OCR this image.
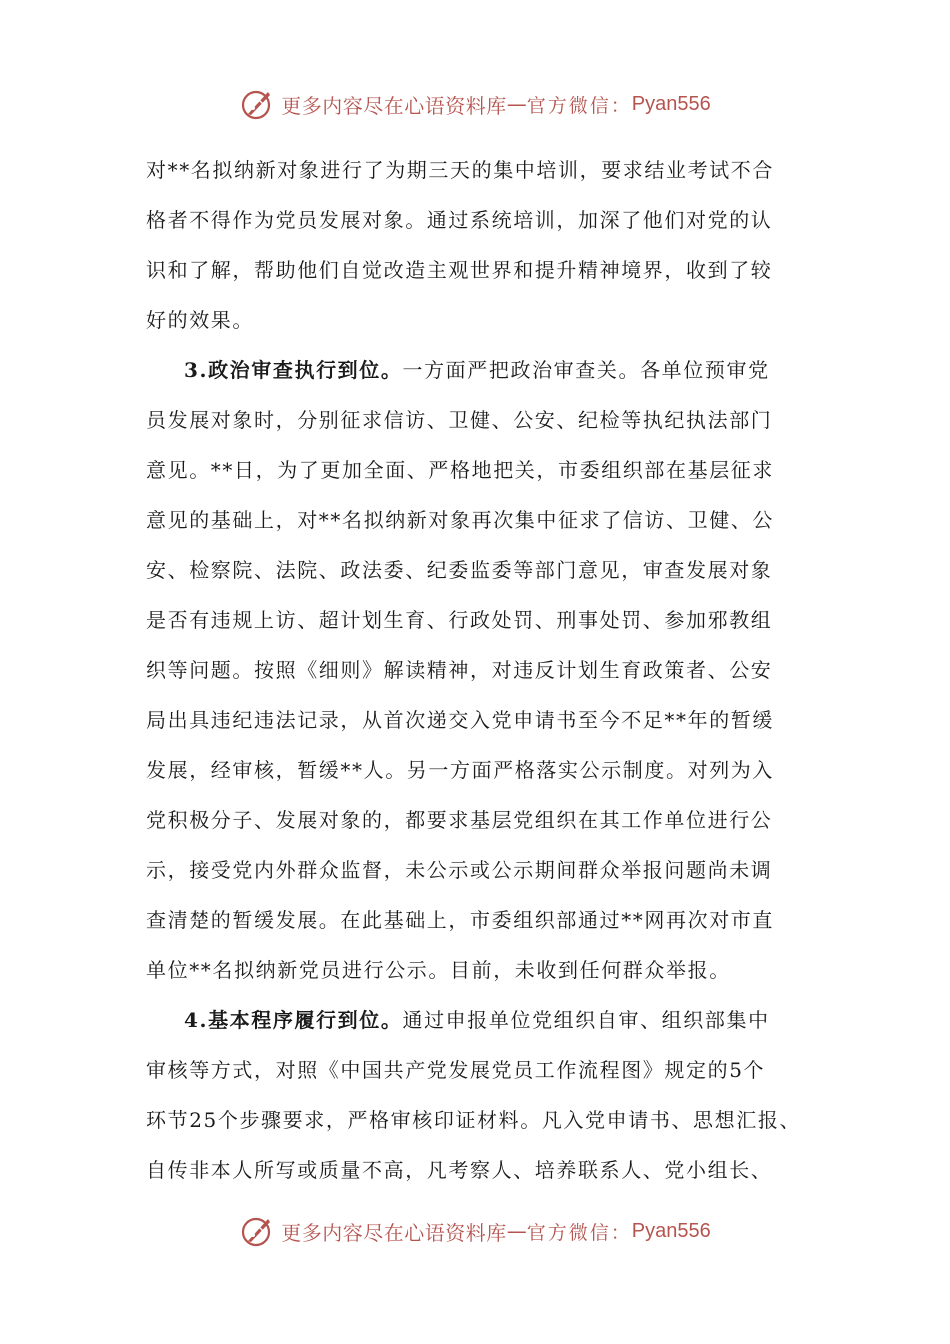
更多内容尽在心语资料库 — 官方微信： Pyan556
对**名拟纳新对象进行了为期三天的集中培训，要求结业考试不合
格者不得作为党员发展对象。通过系统培训，加深了他们对党的认
识和了解，帮助他们自觉改造主观世界和提升精神境界，收到了较
好的效果。
3.政治审查执行到位。一方面严把政治审查关。各单位预审党
员发展对象时，分别征求信访、卫健、公安、纪检等执纪执法部门
意见。**日，为了更加全面、严格地把关，市委组织部在基层征求
意见的基础上，对**名拟纳新对象再次集中征求了信访、卫健、公
安、检察院、法院、政法委、纪委监委等部门意见，审查发展对象
是否有违规上访、超计划生育、行政处罚、刑事处罚、参加邪教组
织等问题。按照《细则》解读精神，对违反计划生育政策者、公安
局出具违纪违法记录，从首次递交入党申请书至今不足**年的暂缓
发展，经审核，暂缓**人。另一方面严格落实公示制度。对列为入
党积极分子、发展对象的，都要求基层党组织在其工作单位进行公
示，接受党内外群众监督，未公示或公示期间群众举报问题尚未调
查清楚的暂缓发展。在此基础上，市委组织部通过**网再次对市直
单位**名拟纳新党员进行公示。目前，未收到任何群众举报。
4.基本程序履行到位。通过申报单位党组织自审、组织部集中
审核等方式，对照《中国共产党发展党员工作流程图》规定的5个
环节25个步骤要求，严格审核印证材料。凡入党申请书、思想汇报、
自传非本人所写或质量不高，凡考察人、培养联系人、党小组长、
更多内容尽在心语资料库 — 官方微信： Pyan556
